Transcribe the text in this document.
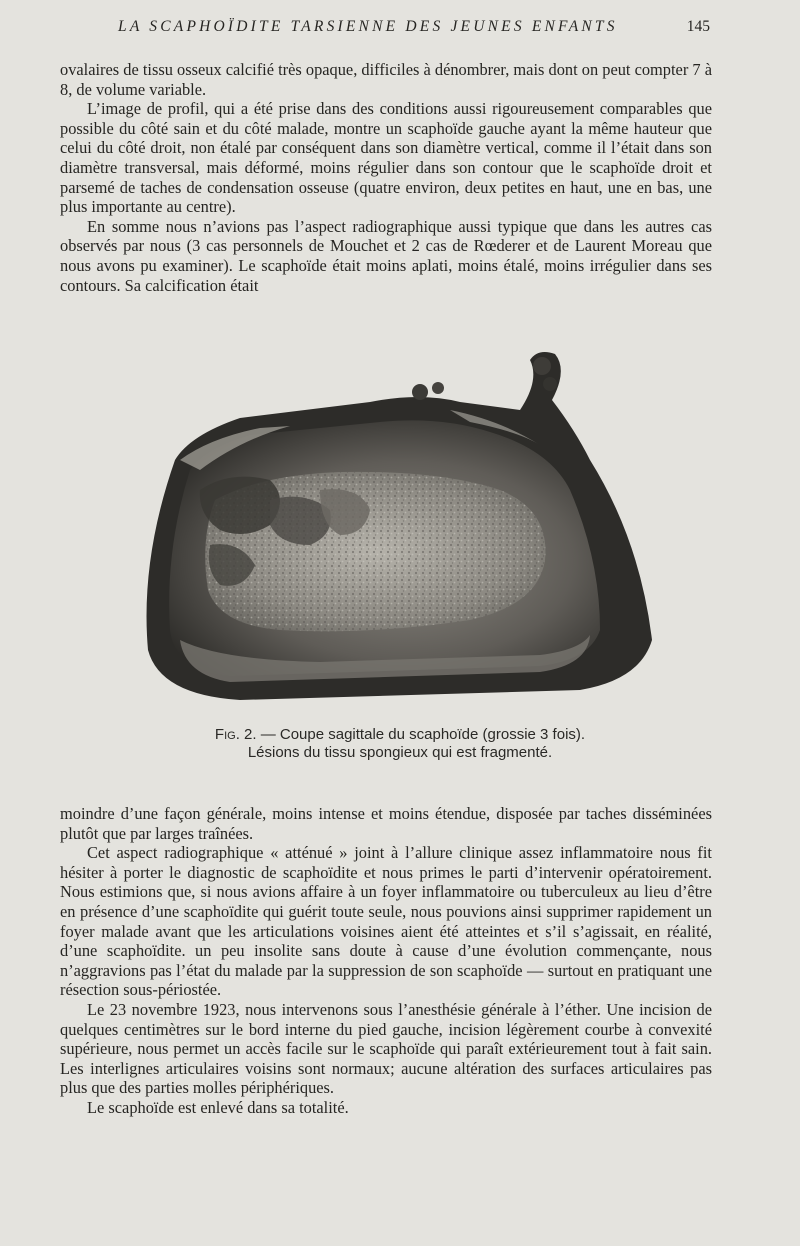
LA SCAPHOÏDITE TARSIENNE DES JEUNES ENFANTS	145

ovalaires de tissu osseux calcifié très opaque, difficiles à dénombrer, mais dont on peut compter 7 à 8, de volume variable.

L’image de profil, qui a été prise dans des conditions aussi rigoureusement comparables que possible du côté sain et du côté malade, montre un scaphoïde gauche ayant la même hauteur que celui du côté droit, non étalé par conséquent dans son diamètre vertical, comme il l’était dans son diamètre transversal, mais déformé, moins régulier dans son contour que le scaphoïde droit et parsemé de taches de condensation osseuse (quatre environ, deux petites en haut, une en bas, une plus importante au centre).

En somme nous n’avions pas l’aspect radiographique aussi typique que dans les autres cas observés par nous (3 cas personnels de Mouchet et 2 cas de Rœderer et de Laurent Moreau que nous avons pu examiner). Le scaphoïde était moins aplati, moins étalé, moins irrégulier dans ses contours. Sa calcification était

Fig. 2. — Coupe sagittale du scaphoïde (grossie 3 fois).
Lésions du tissu spongieux qui est fragmenté.

moindre d’une façon générale, moins intense et moins étendue, disposée par taches disséminées plutôt que par larges traînées.

Cet aspect radiographique « atténué » joint à l’allure clinique assez inflammatoire nous fit hésiter à porter le diagnostic de scaphoïdite et nous primes le parti d’intervenir opératoirement. Nous estimions que, si nous avions affaire à un foyer inflammatoire ou tuberculeux au lieu d’être en présence d’une scaphoïdite qui guérit toute seule, nous pouvions ainsi supprimer rapidement un foyer malade avant que les articulations voisines aient été atteintes et s’il s’agissait, en réalité, d’une scaphoïdite. un peu insolite sans doute à cause d’une évolution commençante, nous n’aggravions pas l’état du malade par la suppression de son scaphoïde — surtout en pratiquant une résection sous-périostée.

Le 23 novembre 1923, nous intervenons sous l’anesthésie générale à l’éther. Une incision de quelques centimètres sur le bord interne du pied gauche, incision légèrement courbe à convexité supérieure, nous permet un accès facile sur le scaphoïde qui paraît extérieurement tout à fait sain. Les interlignes articulaires voisins sont normaux; aucune altération des surfaces articulaires pas plus que des parties molles périphériques.

Le scaphoïde est enlevé dans sa totalité.
